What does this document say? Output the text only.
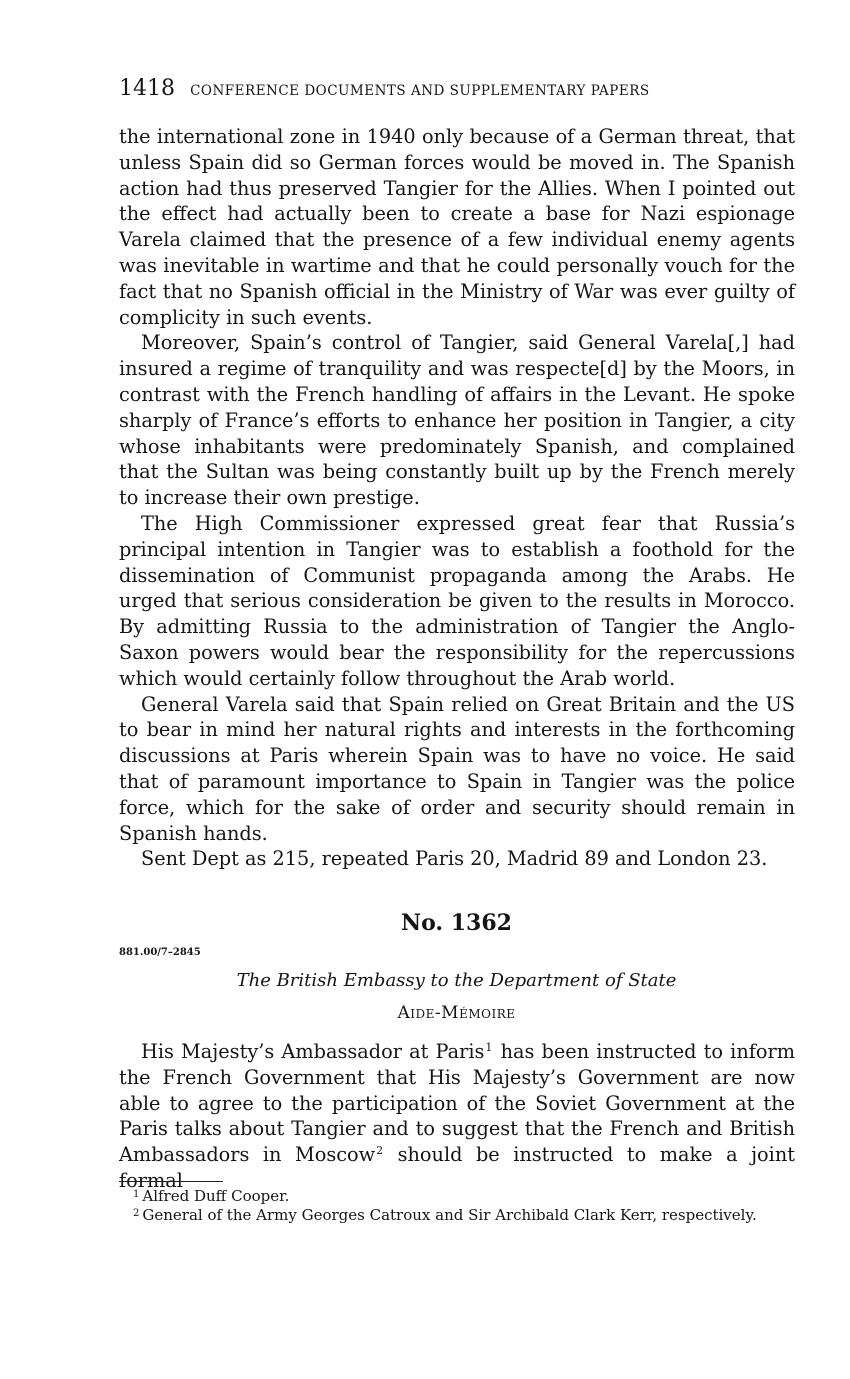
1418 CONFERENCE DOCUMENTS AND SUPPLEMENTARY PAPERS

the international zone in 1940 only because of a German threat, that unless Spain did so German forces would be moved in. The Spanish action had thus preserved Tangier for the Allies. When I pointed out the effect had actually been to create a base for Nazi espionage Varela claimed that the presence of a few individual enemy agents was inevitable in wartime and that he could personally vouch for the fact that no Spanish official in the Ministry of War was ever guilty of complicity in such events.

Moreover, Spain’s control of Tangier, said General Varela[,] had insured a regime of tranquility and was respecte[d] by the Moors, in contrast with the French handling of affairs in the Levant. He spoke sharply of France’s efforts to enhance her position in Tangier, a city whose inhabitants were predominately Spanish, and complained that the Sultan was being constantly built up by the French merely to increase their own prestige.

The High Commissioner expressed great fear that Russia’s principal intention in Tangier was to establish a foothold for the dissemination of Communist propaganda among the Arabs. He urged that serious consideration be given to the results in Morocco. By admitting Russia to the administration of Tangier the Anglo-Saxon powers would bear the responsibility for the repercussions which would certainly follow throughout the Arab world.

General Varela said that Spain relied on Great Britain and the US to bear in mind her natural rights and interests in the forthcoming discussions at Paris wherein Spain was to have no voice. He said that of paramount importance to Spain in Tangier was the police force, which for the sake of order and security should remain in Spanish hands.

Sent Dept as 215, repeated Paris 20, Madrid 89 and London 23.

No. 1362
881.00/7–2845
The British Embassy to the Department of State
Aide-Mémoire

His Majesty’s Ambassador at Paris$^1$ has been instructed to inform the French Government that His Majesty’s Government are now able to agree to the participation of the Soviet Government at the Paris talks about Tangier and to suggest that the French and British Ambassadors in Moscow$^2$ should be instructed to make a joint formal

$^1$ Alfred Duff Cooper.

$^2$ General of the Army Georges Catroux and Sir Archibald Clark Kerr, respectively.
